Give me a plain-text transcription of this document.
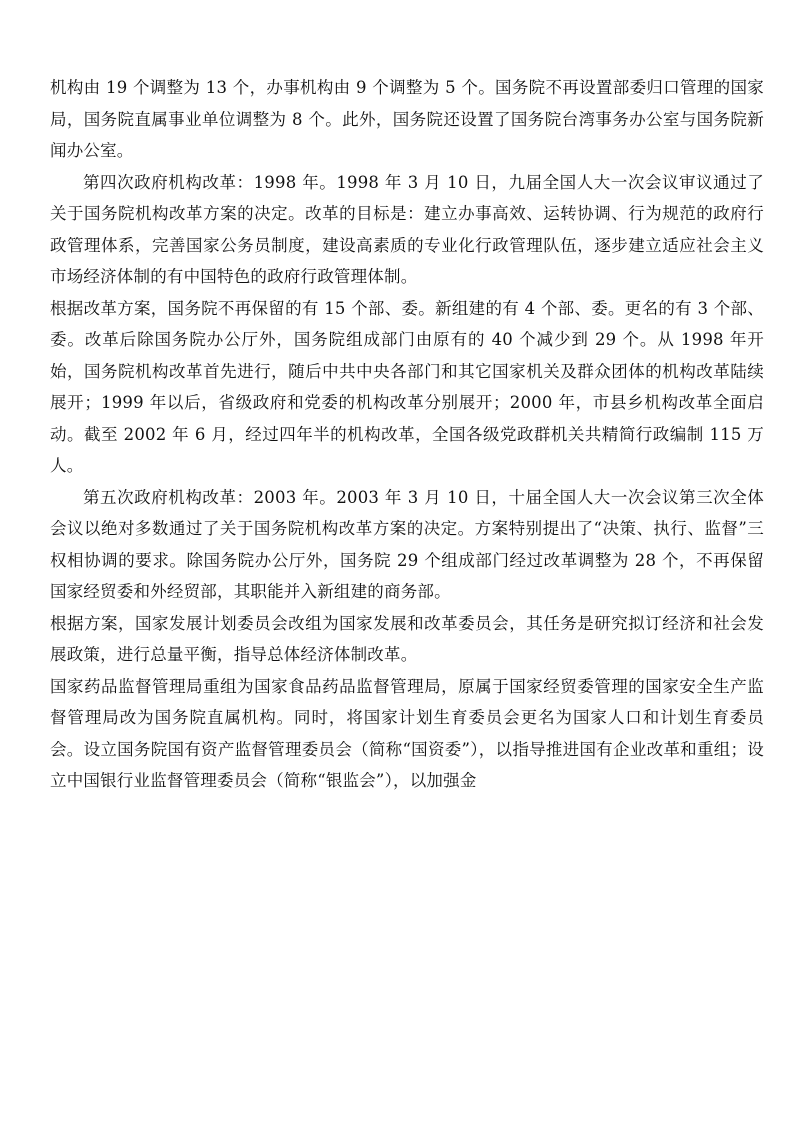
机构由 19 个调整为 13 个，办事机构由 9 个调整为 5 个。国务院不再设置部委归口管理的国家局，国务院直属事业单位调整为 8 个。此外，国务院还设置了国务院台湾事务办公室与国务院新闻办公室。

第四次政府机构改革：1998 年。1998 年 3 月 10 日，九届全国人大一次会议审议通过了关于国务院机构改革方案的决定。改革的目标是：建立办事高效、运转协调、行为规范的政府行政管理体系，完善国家公务员制度，建设高素质的专业化行政管理队伍，逐步建立适应社会主义市场经济体制的有中国特色的政府行政管理体制。

根据改革方案，国务院不再保留的有 15 个部、委。新组建的有 4 个部、委。更名的有 3 个部、委。改革后除国务院办公厅外，国务院组成部门由原有的 40 个减少到 29 个。从 1998 年开始，国务院机构改革首先进行，随后中共中央各部门和其它国家机关及群众团体的机构改革陆续展开；1999 年以后，省级政府和党委的机构改革分别展开；2000 年，市县乡机构改革全面启动。截至 2002 年 6 月，经过四年半的机构改革，全国各级党政群机关共精简行政编制 115 万人。

第五次政府机构改革：2003 年。2003 年 3 月 10 日，十届全国人大一次会议第三次全体会议以绝对多数通过了关于国务院机构改革方案的决定。方案特别提出了“决策、执行、监督”三权相协调的要求。除国务院办公厅外，国务院 29 个组成部门经过改革调整为 28 个，不再保留国家经贸委和外经贸部，其职能并入新组建的商务部。

根据方案，国家发展计划委员会改组为国家发展和改革委员会，其任务是研究拟订经济和社会发展政策，进行总量平衡，指导总体经济体制改革。

国家药品监督管理局重组为国家食品药品监督管理局，原属于国家经贸委管理的国家安全生产监督管理局改为国务院直属机构。同时，将国家计划生育委员会更名为国家人口和计划生育委员会。设立国务院国有资产监督管理委员会（简称“国资委”），以指导推进国有企业改革和重组；设立中国银行业监督管理委员会（简称“银监会”），以加强金
